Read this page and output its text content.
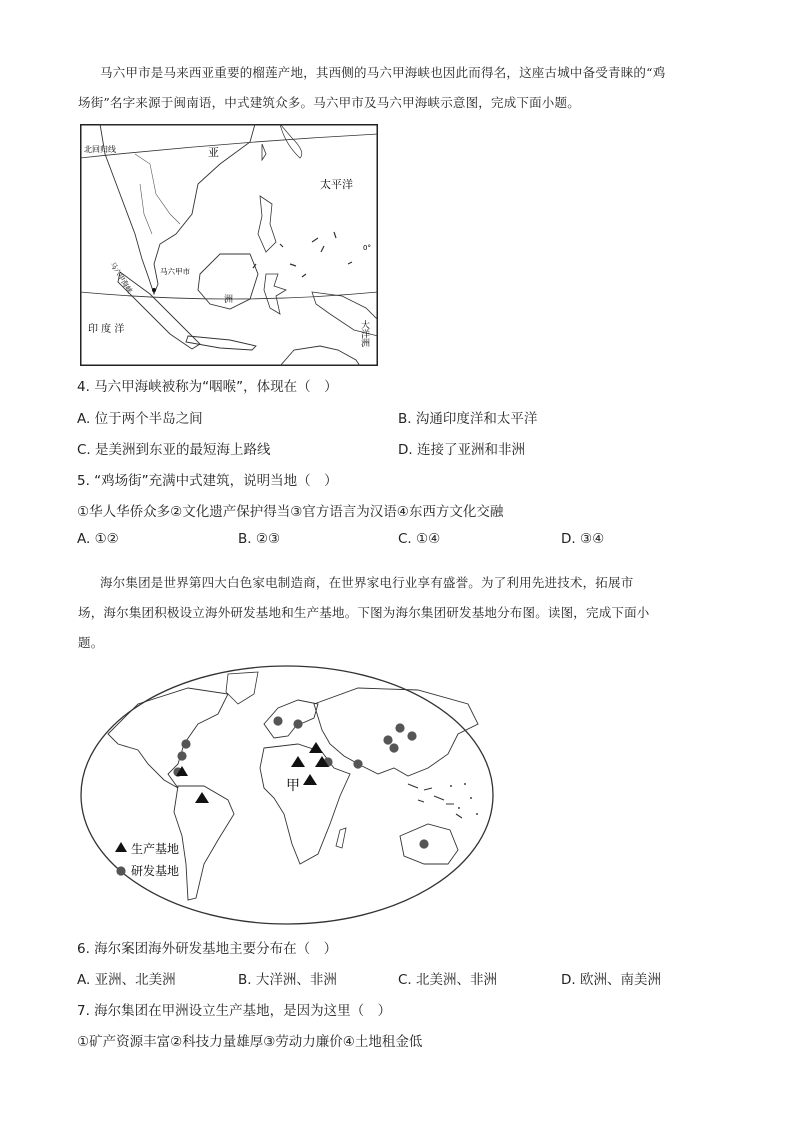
马六甲市是马来西亚重要的榴莲产地，其西侧的马六甲海峡也因此而得名，这座古城中备受青睐的“鸡
场街”名字来源于闽南语，中式建筑众多。马六甲市及马六甲海峡示意图，完成下面小题。
北回归线	亚
太平洋
马六甲市
马六甲海峡
洲
0°
印 度 洋	大洋洲
4. 马六甲海峡被称为“咽喉”，体现在（　）
A. 位于两个半岛之间	B. 沟通印度洋和太平洋
C. 是美洲到东亚的最短海上路线	D. 连接了亚洲和非洲
5. “鸡场街”充满中式建筑，说明当地（　）
①华人华侨众多②文化遗产保护得当③官方语言为汉语④东西方文化交融
A. ①②	B. ②③	C. ①④	D. ③④
海尔集团是世界第四大白色家电制造商，在世界家电行业享有盛誉。为了利用先进技术，拓展市
场，海尔集团积极设立海外研发基地和生产基地。下图为海尔集团研发基地分布图。读图，完成下面小
题。
甲
生产基地
研发基地
6. 海尔案团海外研发基地主要分布在（　）
A. 亚洲、北美洲	B. 大洋洲、非洲	C. 北美洲、非洲	D. 欧洲、南美洲
7. 海尔集团在甲洲设立生产基地，是因为这里（　）
①矿产资源丰富②科技力量雄厚③劳动力廉价④土地租金低
